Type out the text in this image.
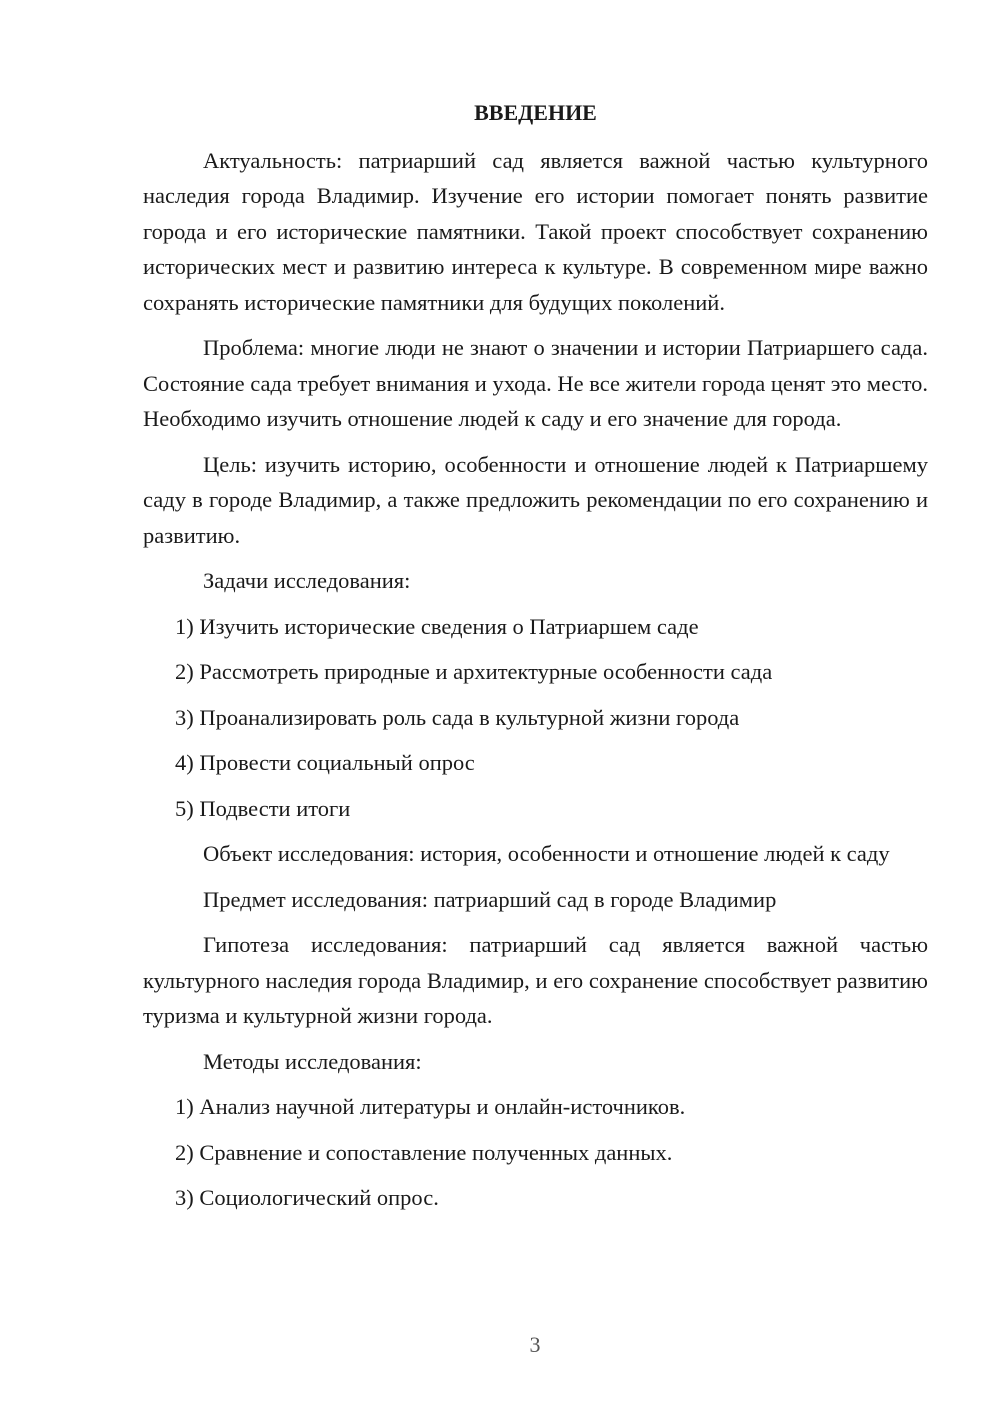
ВВЕДЕНИЕ

Актуальность: патриарший сад является важной частью культурного наследия города Владимир. Изучение его истории помогает понять развитие города и его исторические памятники. Такой проект способствует сохранению исторических мест и развитию интереса к культуре. В современном мире важно сохранять исторические памятники для будущих поколений.

Проблема: многие люди не знают о значении и истории Патриаршего сада. Состояние сада требует внимания и ухода. Не все жители города ценят это место. Необходимо изучить отношение людей к саду и его значение для города.

Цель: изучить историю, особенности и отношение людей к Патриаршему саду в городе Владимир, а также предложить рекомендации по его сохранению и развитию.

Задачи исследования:

1) Изучить исторические сведения о Патриаршем саде

2) Рассмотреть природные и архитектурные особенности сада

3) Проанализировать роль сада в культурной жизни города

4) Провести социальный опрос

5) Подвести итоги

Объект исследования: история, особенности и отношение людей к саду

Предмет исследования: патриарший сад в городе Владимир

Гипотеза исследования: патриарший сад является важной частью культурного наследия города Владимир, и его сохранение способствует развитию туризма и культурной жизни города.

Методы исследования:

1) Анализ научной литературы и онлайн-источников.

2) Сравнение и сопоставление полученных данных.

3) Социологический опрос.

3
